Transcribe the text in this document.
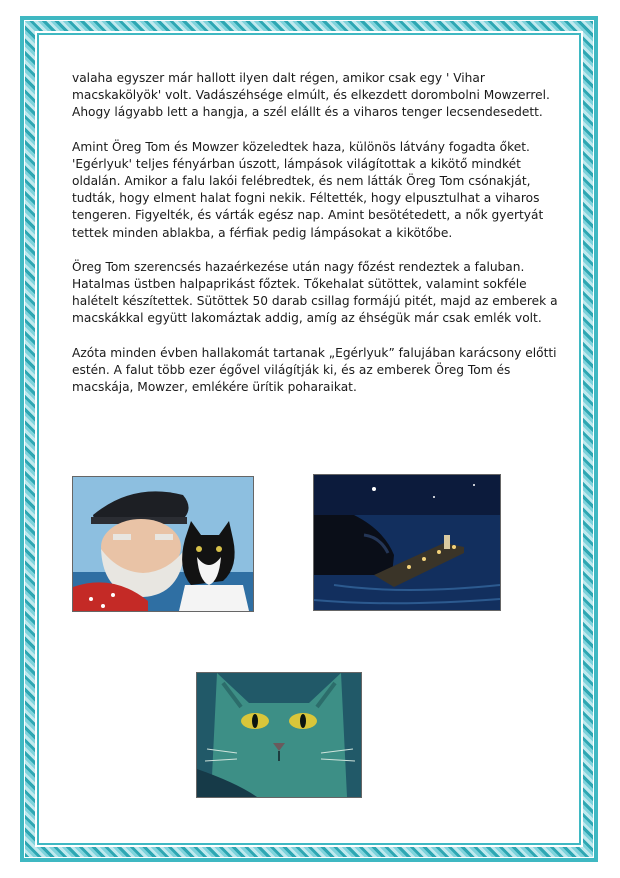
valaha egyszer már hallott ilyen dalt régen, amikor csak egy ' Vihar macskakölyök' volt. Vadászéhsége elmúlt, és elkezdett dorombolni Mowzerrel. Ahogy lágyabb lett a hangja, a szél elállt és a viharos tenger lecsendesedett.

Amint Öreg Tom és Mowzer közeledtek haza, különös látvány fogadta őket. 'Egérlyuk' teljes fényárban úszott, lámpások világítottak a kikötő mindkét oldalán. Amikor a falu lakói felébredtek, és nem látták Öreg Tom csónakját, tudták, hogy elment halat fogni nekik. Féltették, hogy elpusztulhat a viharos tengeren. Figyelték, és várták egész nap. Amint besötétedett, a nők gyertyát tettek minden ablakba, a férfiak pedig lámpásokat a kikötőbe.

Öreg Tom szerencsés hazaérkezése után nagy főzést rendeztek a faluban. Hatalmas üstben halpaprikást főztek. Tőkehalat sütöttek, valamint sokféle halételt készítettek. Sütöttek 50 darab csillag formájú pitét, majd az emberek a macskákkal együtt lakomáztak addig, amíg az éhségük már csak emlék volt.

Azóta minden évben hallakomát tartanak „Egérlyuk” falujában karácsony előtti estén. A falut több ezer égővel világítják ki, és az emberek Öreg Tom és macskája, Mowzer, emlékére ürítik poharaikat.
